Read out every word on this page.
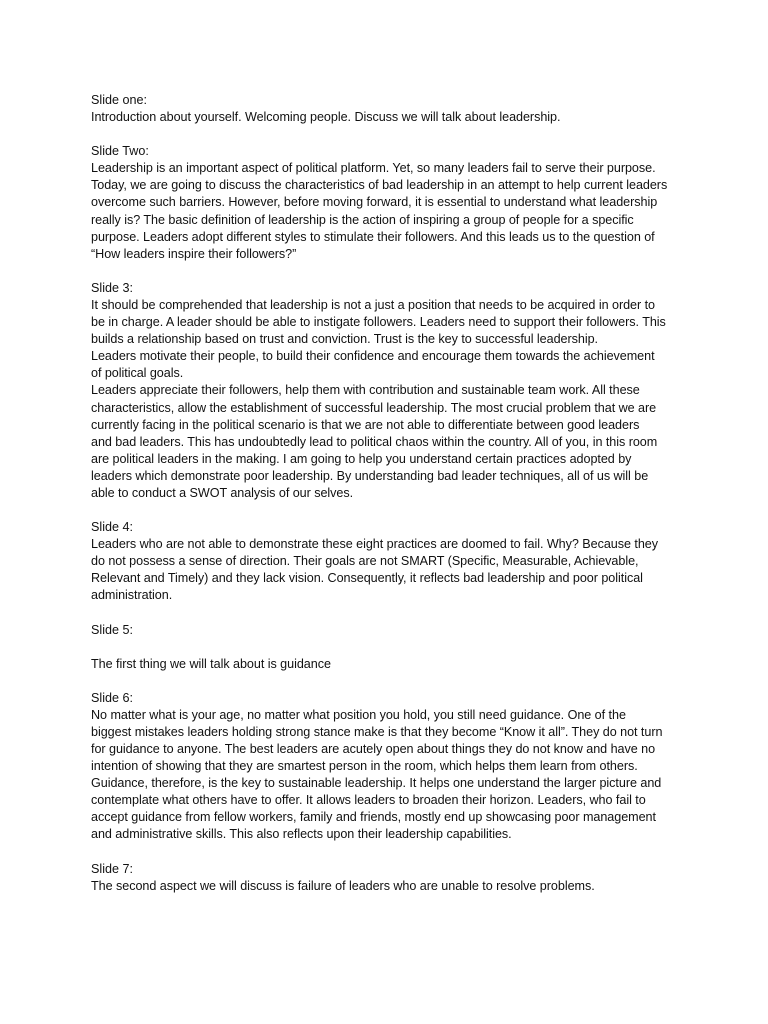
Slide one:
Introduction about yourself. Welcoming people. Discuss we will talk about leadership.
Slide Two:
Leadership is an important aspect of political platform. Yet, so many leaders fail to serve their purpose.
Today, we are going to discuss the characteristics of bad leadership in an attempt to help current leaders
overcome such barriers. However, before moving forward, it is essential to understand what leadership
really is? The basic definition of leadership is the action of inspiring a group of people for a specific
purpose. Leaders adopt different styles to stimulate their followers. And this leads us to the question of
“How leaders inspire their followers?”
Slide 3:
It should be comprehended that leadership is not a just a position that needs to be acquired in order to
be in charge. A leader should be able to instigate followers. Leaders need to support their followers. This
builds a relationship based on trust and conviction. Trust is the key to successful leadership.
Leaders motivate their people, to build their confidence and encourage them towards the achievement
of political goals.
Leaders appreciate their followers, help them with contribution and sustainable team work. All these
characteristics, allow the establishment of successful leadership. The most crucial problem that we are
currently facing in the political scenario is that we are not able to differentiate between good leaders
and bad leaders. This has undoubtedly lead to political chaos within the country. All of you, in this room
are political leaders in the making. I am going to help you understand certain practices adopted by
leaders which demonstrate poor leadership. By understanding bad leader techniques, all of us will be
able to conduct a SWOT analysis of our selves.
Slide 4:
Leaders who are not able to demonstrate these eight practices are doomed to fail. Why? Because they
do not possess a sense of direction. Their goals are not SMART (Specific, Measurable, Achievable,
Relevant and Timely) and they lack vision. Consequently, it reflects bad leadership and poor political
administration.
Slide 5:
The first thing we will talk about is guidance
Slide 6:
No matter what is your age, no matter what position you hold, you still need guidance. One of the
biggest mistakes leaders holding strong stance make is that they become “Know it all”. They do not turn
for guidance to anyone. The best leaders are acutely open about things they do not know and have no
intention of showing that they are smartest person in the room, which helps them learn from others.
Guidance, therefore, is the key to sustainable leadership. It helps one understand the larger picture and
contemplate what others have to offer. It allows leaders to broaden their horizon. Leaders, who fail to
accept guidance from fellow workers, family and friends, mostly end up showcasing poor management
and administrative skills. This also reflects upon their leadership capabilities.
Slide 7:
The second aspect we will discuss is failure of leaders who are unable to resolve problems.
